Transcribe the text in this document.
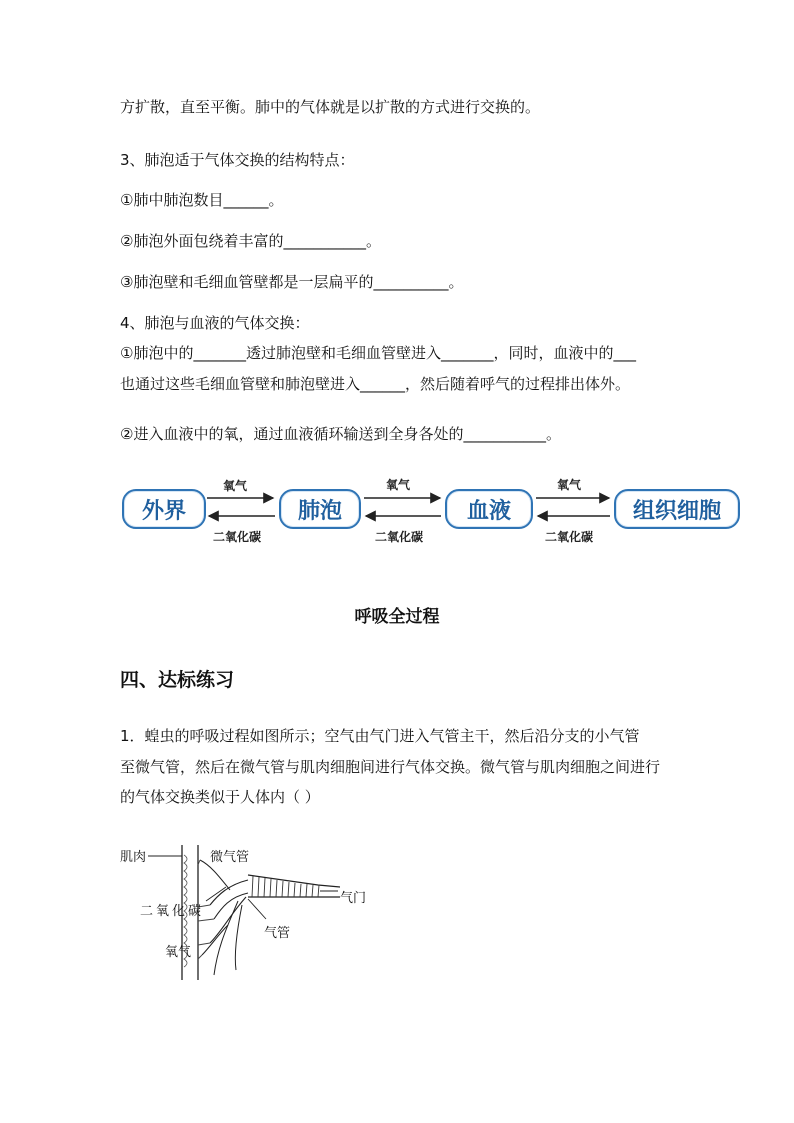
方扩散，直至平衡。肺中的气体就是以扩散的方式进行交换的。
3、肺泡适于气体交换的结构特点：
①肺中肺泡数目______。
②肺泡外面包绕着丰富的___________。
③肺泡壁和毛细血管壁都是一层扁平的__________。
4、肺泡与血液的气体交换：
①肺泡中的_______透过肺泡壁和毛细血管壁进入_______，同时，血液中的___
也通过这些毛细血管壁和肺泡壁进入______，然后随着呼气的过程排出体外。
②进入血液中的氧，通过血液循环输送到全身各处的___________。
外界	肺泡	血液	组织细胞
氧气	氧气	氧气
二氧化碳	二氧化碳	二氧化碳
呼吸全过程
四、达标练习
1．蝗虫的呼吸过程如图所示；空气由气门进入气管主干，然后沿分支的小气管
至微气管，然后在微气管与肌肉细胞间进行气体交换。微气管与肌肉细胞之间进行
的气体交换类似于人体内（ ）
肌肉	微气管
二氧化碳
气门
气管
氧气
